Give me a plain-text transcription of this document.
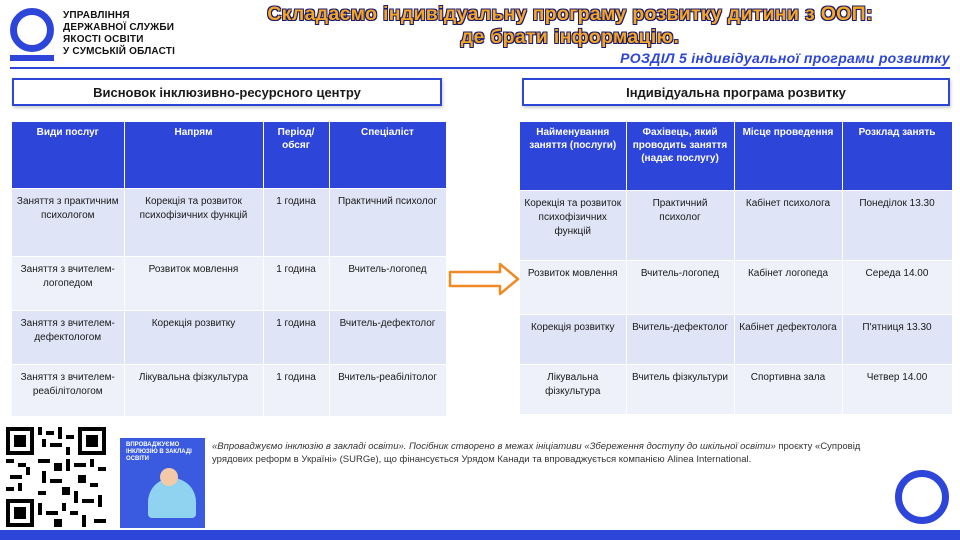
УПРАВЛІННЯ
ДЕРЖАВНОЇ СЛУЖБИ
ЯКОСТІ ОСВІТИ
У СУМСЬКІЙ ОБЛАСТІ
Складаємо індивідуальну програму розвитку дитини з ООП:
де брати інформацію.
РОЗДІЛ 5 індивідуальної програми розвитку
Висновок інклюзивно-ресурсного центру	Індивідуальна програма розвитку
Види послуг	Напрям	Період/ обсяг	Спеціаліст
Заняття з практичним психологом	Корекція та розвиток психофізичних функцій	1 година	Практичний психолог
Заняття з вчителем-логопедом	Розвиток мовлення	1 година	Вчитель-логопед
Заняття з вчителем-дефектологом	Корекція розвитку	1 година	Вчитель-дефектолог
Заняття з вчителем-реабілітологом	Лікувальна фізкультура	1 година	Вчитель-реабілітолог
Найменування заняття (послуги)	Фахівець, який проводить заняття (надає послугу)	Місце проведення	Розклад занять
Корекція та розвиток психофізичних функцій	Практичний психолог	Кабінет психолога	Понеділок 13.30
Розвиток мовлення	Вчитель-логопед	Кабінет логопеда	Середа 14.00
Корекція розвитку	Вчитель-дефектолог	Кабінет дефектолога	П'ятниця 13.30
Лікувальна фізкультура	Вчитель фізкультури	Спортивна зала	Четвер 14.00
ВПРОВАДЖУЄМО ІНКЛЮЗІЮ В ЗАКЛАДІ ОСВІТИ
«Впроваджуємо інклюзію в закладі освіти». Посібник створено в межах ініціативи «Збереження доступу до шкільної освіти» проєкту «Супровід урядових реформ в Україні» (SURGe), що фінансується Урядом Канади та впроваджується компанією Alinea International.
